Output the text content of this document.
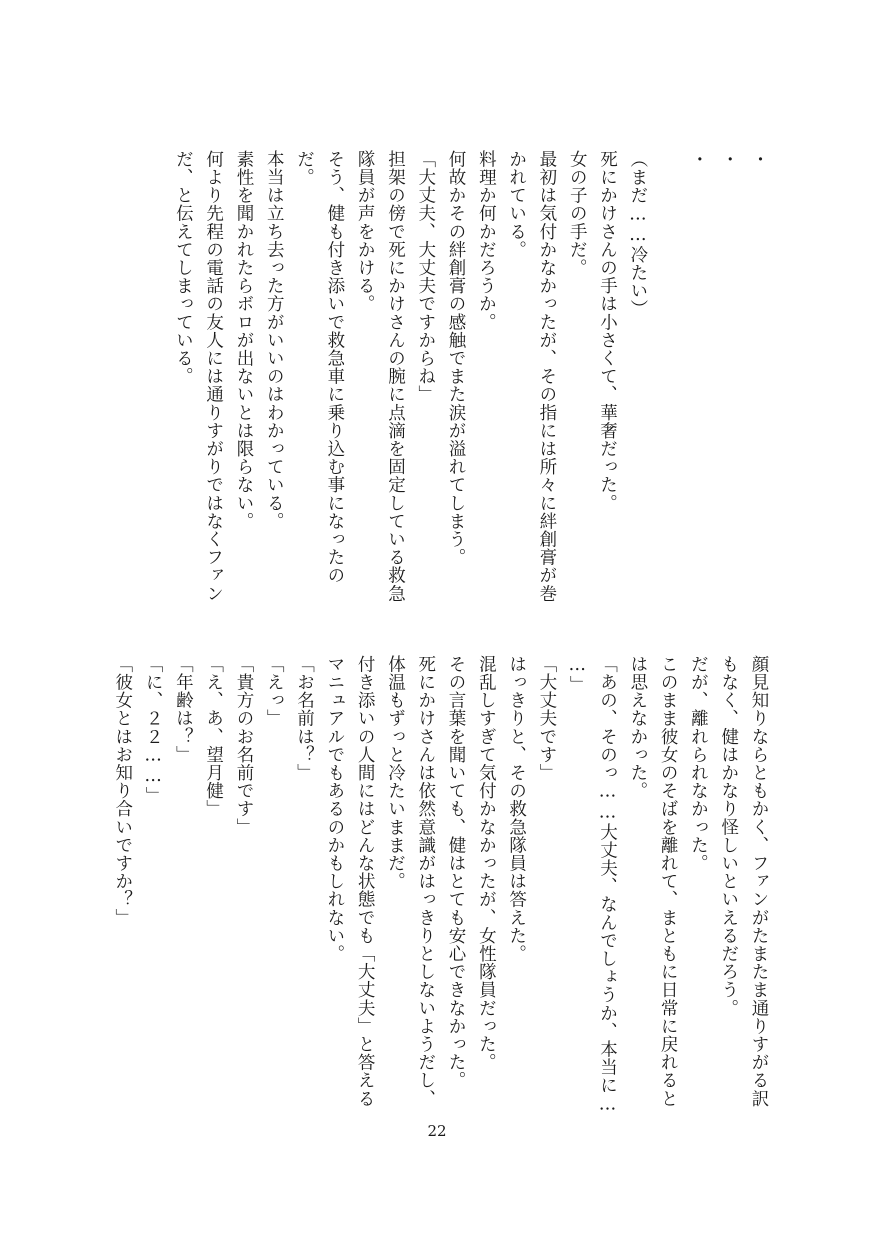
・
・
・

（まだ……冷たい）
死にかけさんの手は小さくて、華奢だった。
女の子の手だ。
最初は気付かなかったが、その指には所々に絆創膏が巻
かれている。
料理か何かだろうか。
何故かその絆創膏の感触でまた涙が溢れてしまう。
「大丈夫、大丈夫ですからね」
担架の傍で死にかけさんの腕に点滴を固定している救急
隊員が声をかける。
そう、健も付き添いで救急車に乗り込む事になったの
だ。
本当は立ち去った方がいいのはわかっている。
素性を聞かれたらボロが出ないとは限らない。
何より先程の電話の友人には通りすがりではなくファン
だ、と伝えてしまっている。
顔見知りならともかく、ファンがたまたま通りすがる訳
もなく、健はかなり怪しいといえるだろう。
だが、離れられなかった。
このまま彼女のそばを離れて、まともに日常に戻れると
は思えなかった。
「あの、そのっ……大丈夫、なんでしょうか、本当に…
…」
「大丈夫です」
はっきりと、その救急隊員は答えた。
混乱しすぎて気付かなかったが、女性隊員だった。
その言葉を聞いても、健はとても安心できなかった。
死にかけさんは依然意識がはっきりとしないようだし、
体温もずっと冷たいままだ。
付き添いの人間にはどんな状態でも「大丈夫」と答える
マニュアルでもあるのかもしれない。
「お名前は？」
「えっ」
「貴方のお名前です」
「え、あ、望月健」
「年齢は？」
「に、２２……」
「彼女とはお知り合いですか？」
22
